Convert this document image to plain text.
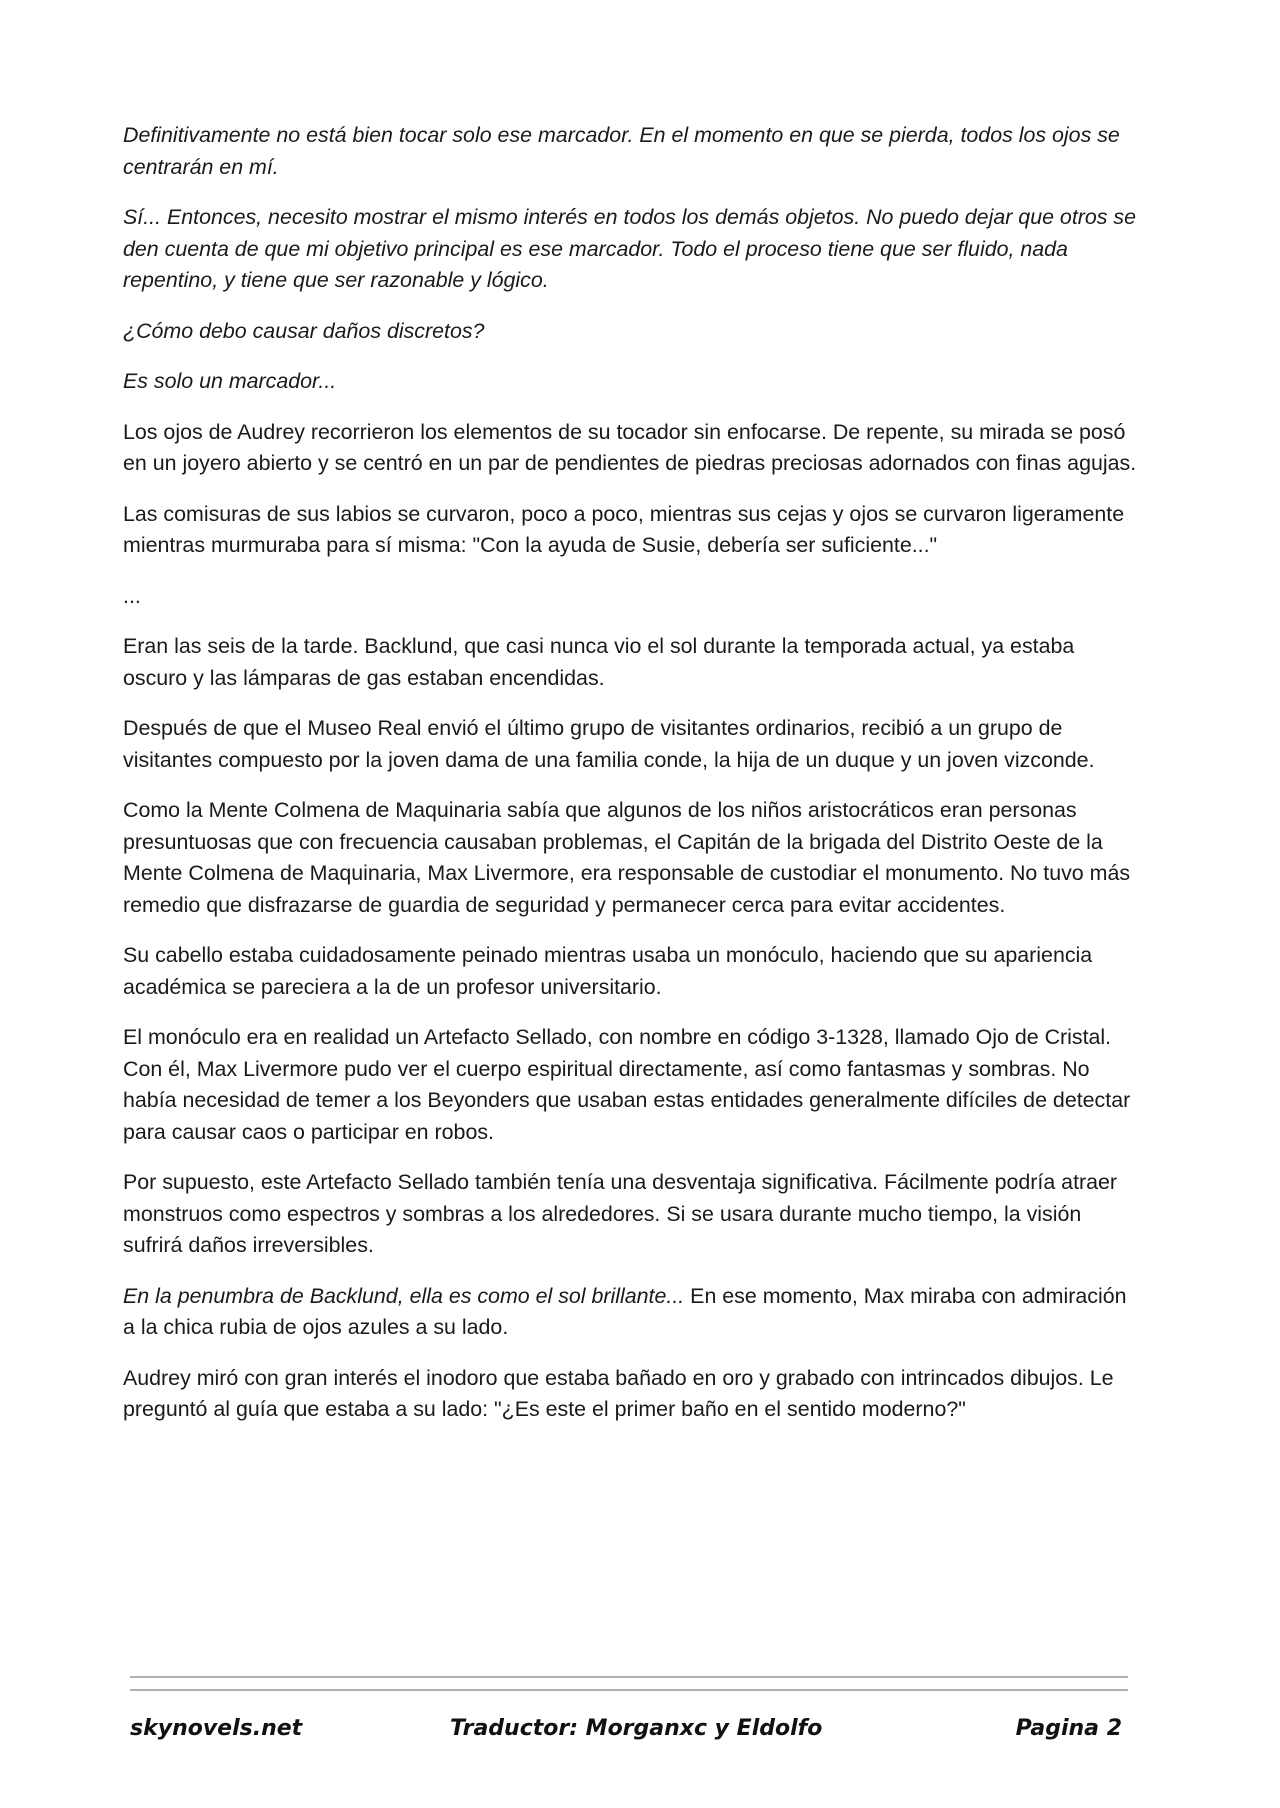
Definitivamente no está bien tocar solo ese marcador. En el momento en que se pierda, todos los ojos se centrarán en mí.

Sí... Entonces, necesito mostrar el mismo interés en todos los demás objetos. No puedo dejar que otros se den cuenta de que mi objetivo principal es ese marcador. Todo el proceso tiene que ser fluido, nada repentino, y tiene que ser razonable y lógico.

¿Cómo debo causar daños discretos?

Es solo un marcador...

Los ojos de Audrey recorrieron los elementos de su tocador sin enfocarse. De repente, su mirada se posó en un joyero abierto y se centró en un par de pendientes de piedras preciosas adornados con finas agujas.

Las comisuras de sus labios se curvaron, poco a poco, mientras sus cejas y ojos se curvaron ligeramente mientras murmuraba para sí misma: "Con la ayuda de Susie, debería ser suficiente..."

...

Eran las seis de la tarde. Backlund, que casi nunca vio el sol durante la temporada actual, ya estaba oscuro y las lámparas de gas estaban encendidas.

Después de que el Museo Real envió el último grupo de visitantes ordinarios, recibió a un grupo de visitantes compuesto por la joven dama de una familia conde, la hija de un duque y un joven vizconde.

Como la Mente Colmena de Maquinaria sabía que algunos de los niños aristocráticos eran personas presuntuosas que con frecuencia causaban problemas, el Capitán de la brigada del Distrito Oeste de la Mente Colmena de Maquinaria, Max Livermore, era responsable de custodiar el monumento. No tuvo más remedio que disfrazarse de guardia de seguridad y permanecer cerca para evitar accidentes.

Su cabello estaba cuidadosamente peinado mientras usaba un monóculo, haciendo que su apariencia académica se pareciera a la de un profesor universitario.

El monóculo era en realidad un Artefacto Sellado, con nombre en código 3-1328, llamado Ojo de Cristal. Con él, Max Livermore pudo ver el cuerpo espiritual directamente, así como fantasmas y sombras. No había necesidad de temer a los Beyonders que usaban estas entidades generalmente difíciles de detectar para causar caos o participar en robos.

Por supuesto, este Artefacto Sellado también tenía una desventaja significativa. Fácilmente podría atraer monstruos como espectros y sombras a los alrededores. Si se usara durante mucho tiempo, la visión sufrirá daños irreversibles.

En la penumbra de Backlund, ella es como el sol brillante... En ese momento, Max miraba con admiración a la chica rubia de ojos azules a su lado.

Audrey miró con gran interés el inodoro que estaba bañado en oro y grabado con intrincados dibujos. Le preguntó al guía que estaba a su lado: "¿Es este el primer baño en el sentido moderno?"

skynovels.net	Traductor: Morganxc y Eldolfo	Pagina 2
